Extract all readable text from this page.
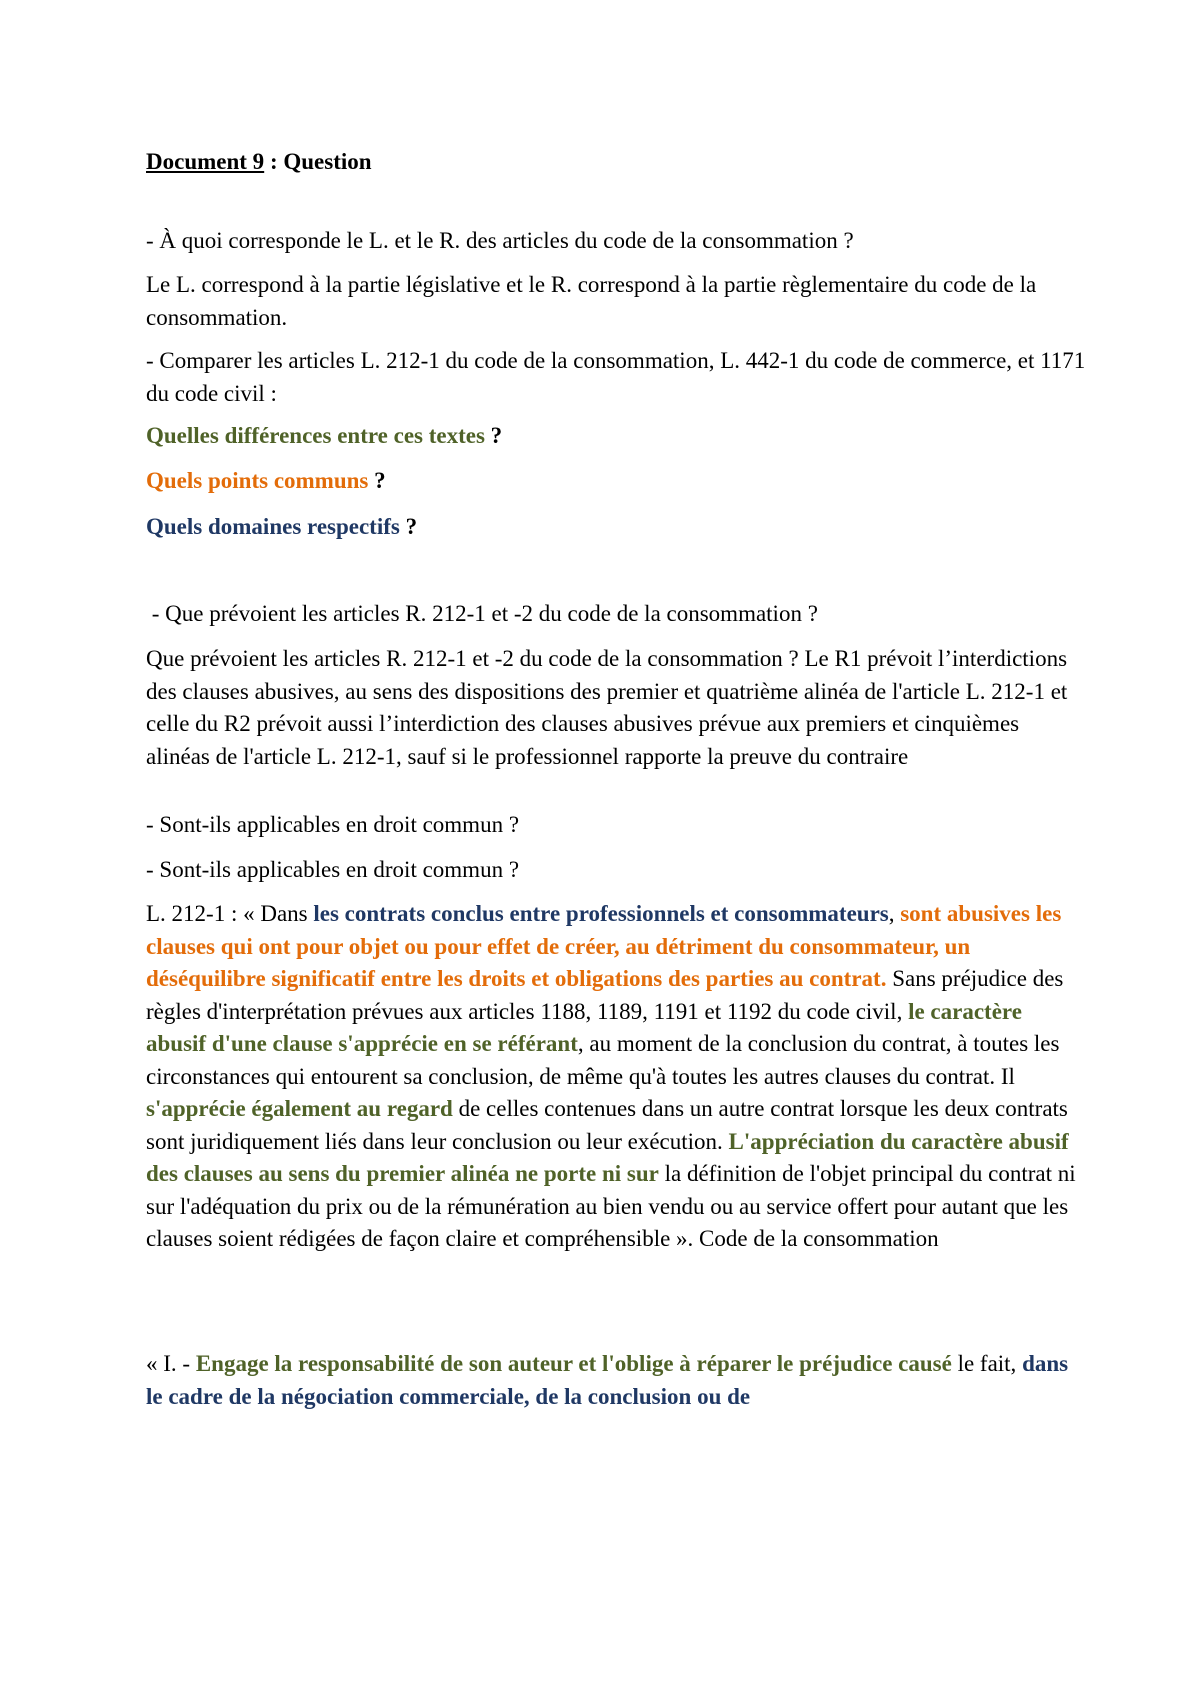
Document 9 : Question

- À quoi corresponde le L. et le R. des articles du code de la consommation ?

Le L. correspond à la partie législative et le R. correspond à la partie règlementaire du code de la consommation.

- Comparer les articles L. 212-1 du code de la consommation, L. 442-1 du code de commerce, et 1171 du code civil :

Quelles différences entre ces textes ?

Quels points communs ?

Quels domaines respectifs ?

- Que prévoient les articles R. 212-1 et -2 du code de la consommation ?

Que prévoient les articles R. 212-1 et -2 du code de la consommation ? Le R1 prévoit l’interdictions des clauses abusives, au sens des dispositions des premier et quatrième alinéa de l'article L. 212-1 et celle du R2 prévoit aussi l’interdiction des clauses abusives prévue aux premiers et cinquièmes alinéas de l'article L. 212-1, sauf si le professionnel rapporte la preuve du contraire

- Sont-ils applicables en droit commun ?

- Sont-ils applicables en droit commun ?

L. 212-1 : « Dans les contrats conclus entre professionnels et consommateurs, sont abusives les clauses qui ont pour objet ou pour effet de créer, au détriment du consommateur, un déséquilibre significatif entre les droits et obligations des parties au contrat. Sans préjudice des règles d'interprétation prévues aux articles 1188, 1189, 1191 et 1192 du code civil, le caractère abusif d'une clause s'apprécie en se référant, au moment de la conclusion du contrat, à toutes les circonstances qui entourent sa conclusion, de même qu'à toutes les autres clauses du contrat. Il s'apprécie également au regard de celles contenues dans un autre contrat lorsque les deux contrats sont juridiquement liés dans leur conclusion ou leur exécution. L'appréciation du caractère abusif des clauses au sens du premier alinéa ne porte ni sur la définition de l'objet principal du contrat ni sur l'adéquation du prix ou de la rémunération au bien vendu ou au service offert pour autant que les clauses soient rédigées de façon claire et compréhensible ». Code de la consommation

« I. - Engage la responsabilité de son auteur et l'oblige à réparer le préjudice causé le fait, dans le cadre de la négociation commerciale, de la conclusion ou de
